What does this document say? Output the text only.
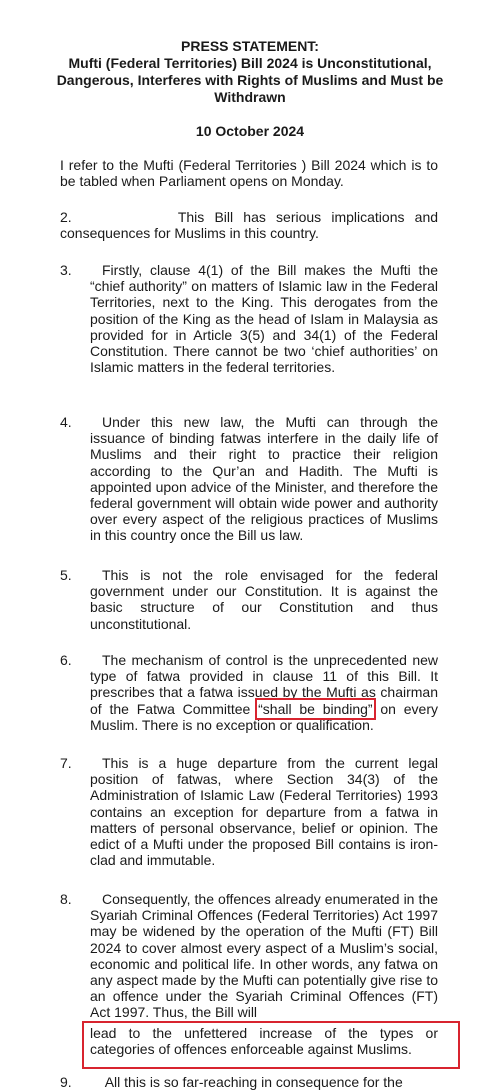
PRESS STATEMENT:
Mufti (Federal Territories) Bill 2024 is Unconstitutional, Dangerous, Interferes with Rights of Muslims and Must be Withdrawn
10 October 2024
I refer to the Mufti (Federal Territories ) Bill 2024 which is to be tabled when Parliament opens on Monday.
2.	This Bill has serious implications and consequences for Muslims in this country.
3.	Firstly, clause 4(1) of the Bill makes the Mufti the “chief authority” on matters of Islamic law in the Federal Territories, next to the King. This derogates from the position of the King as the head of Islam in Malaysia as provided for in Article 3(5) and 34(1) of the Federal Constitution. There cannot be two ‘chief authorities’ on Islamic matters in the federal territories.
4.	Under this new law, the Mufti can through the issuance of binding fatwas interfere in the daily life of Muslims and their right to practice their religion according to the Qur’an and Hadith. The Mufti is appointed upon advice of the Minister, and therefore the federal government will obtain wide power and authority over every aspect of the religious practices of Muslims in this country once the Bill us law.
5.	This is not the role envisaged for the federal government under our Constitution. It is against the basic structure of our Constitution and thus unconstitutional.
6.	The mechanism of control is the unprecedented new type of fatwa provided in clause 11 of this Bill. It prescribes that a fatwa issued by the Mufti as chairman of the Fatwa Committee “shall be binding” on every Muslim. There is no exception or qualification.
7.	This is a huge departure from the current legal position of fatwas, where Section 34(3) of the Administration of Islamic Law (Federal Territories) 1993 contains an exception for departure from a fatwa in matters of personal observance, belief or opinion. The edict of a Mufti under the proposed Bill contains is iron-clad and immutable.
8.	Consequently, the offences already enumerated in the Syariah Criminal Offences (Federal Territories) Act 1997 may be widened by the operation of the Mufti (FT) Bill 2024 to cover almost every aspect of a Muslim’s social, economic and political life. In other words, any fatwa on any aspect made by the Mufti can potentially give rise to an offence under the Syariah Criminal Offences (FT) Act 1997. Thus, the Bill will
lead to the unfettered increase of the types or categories of offences enforceable against Muslims.
9. All this is so far-reaching in consequence for the
